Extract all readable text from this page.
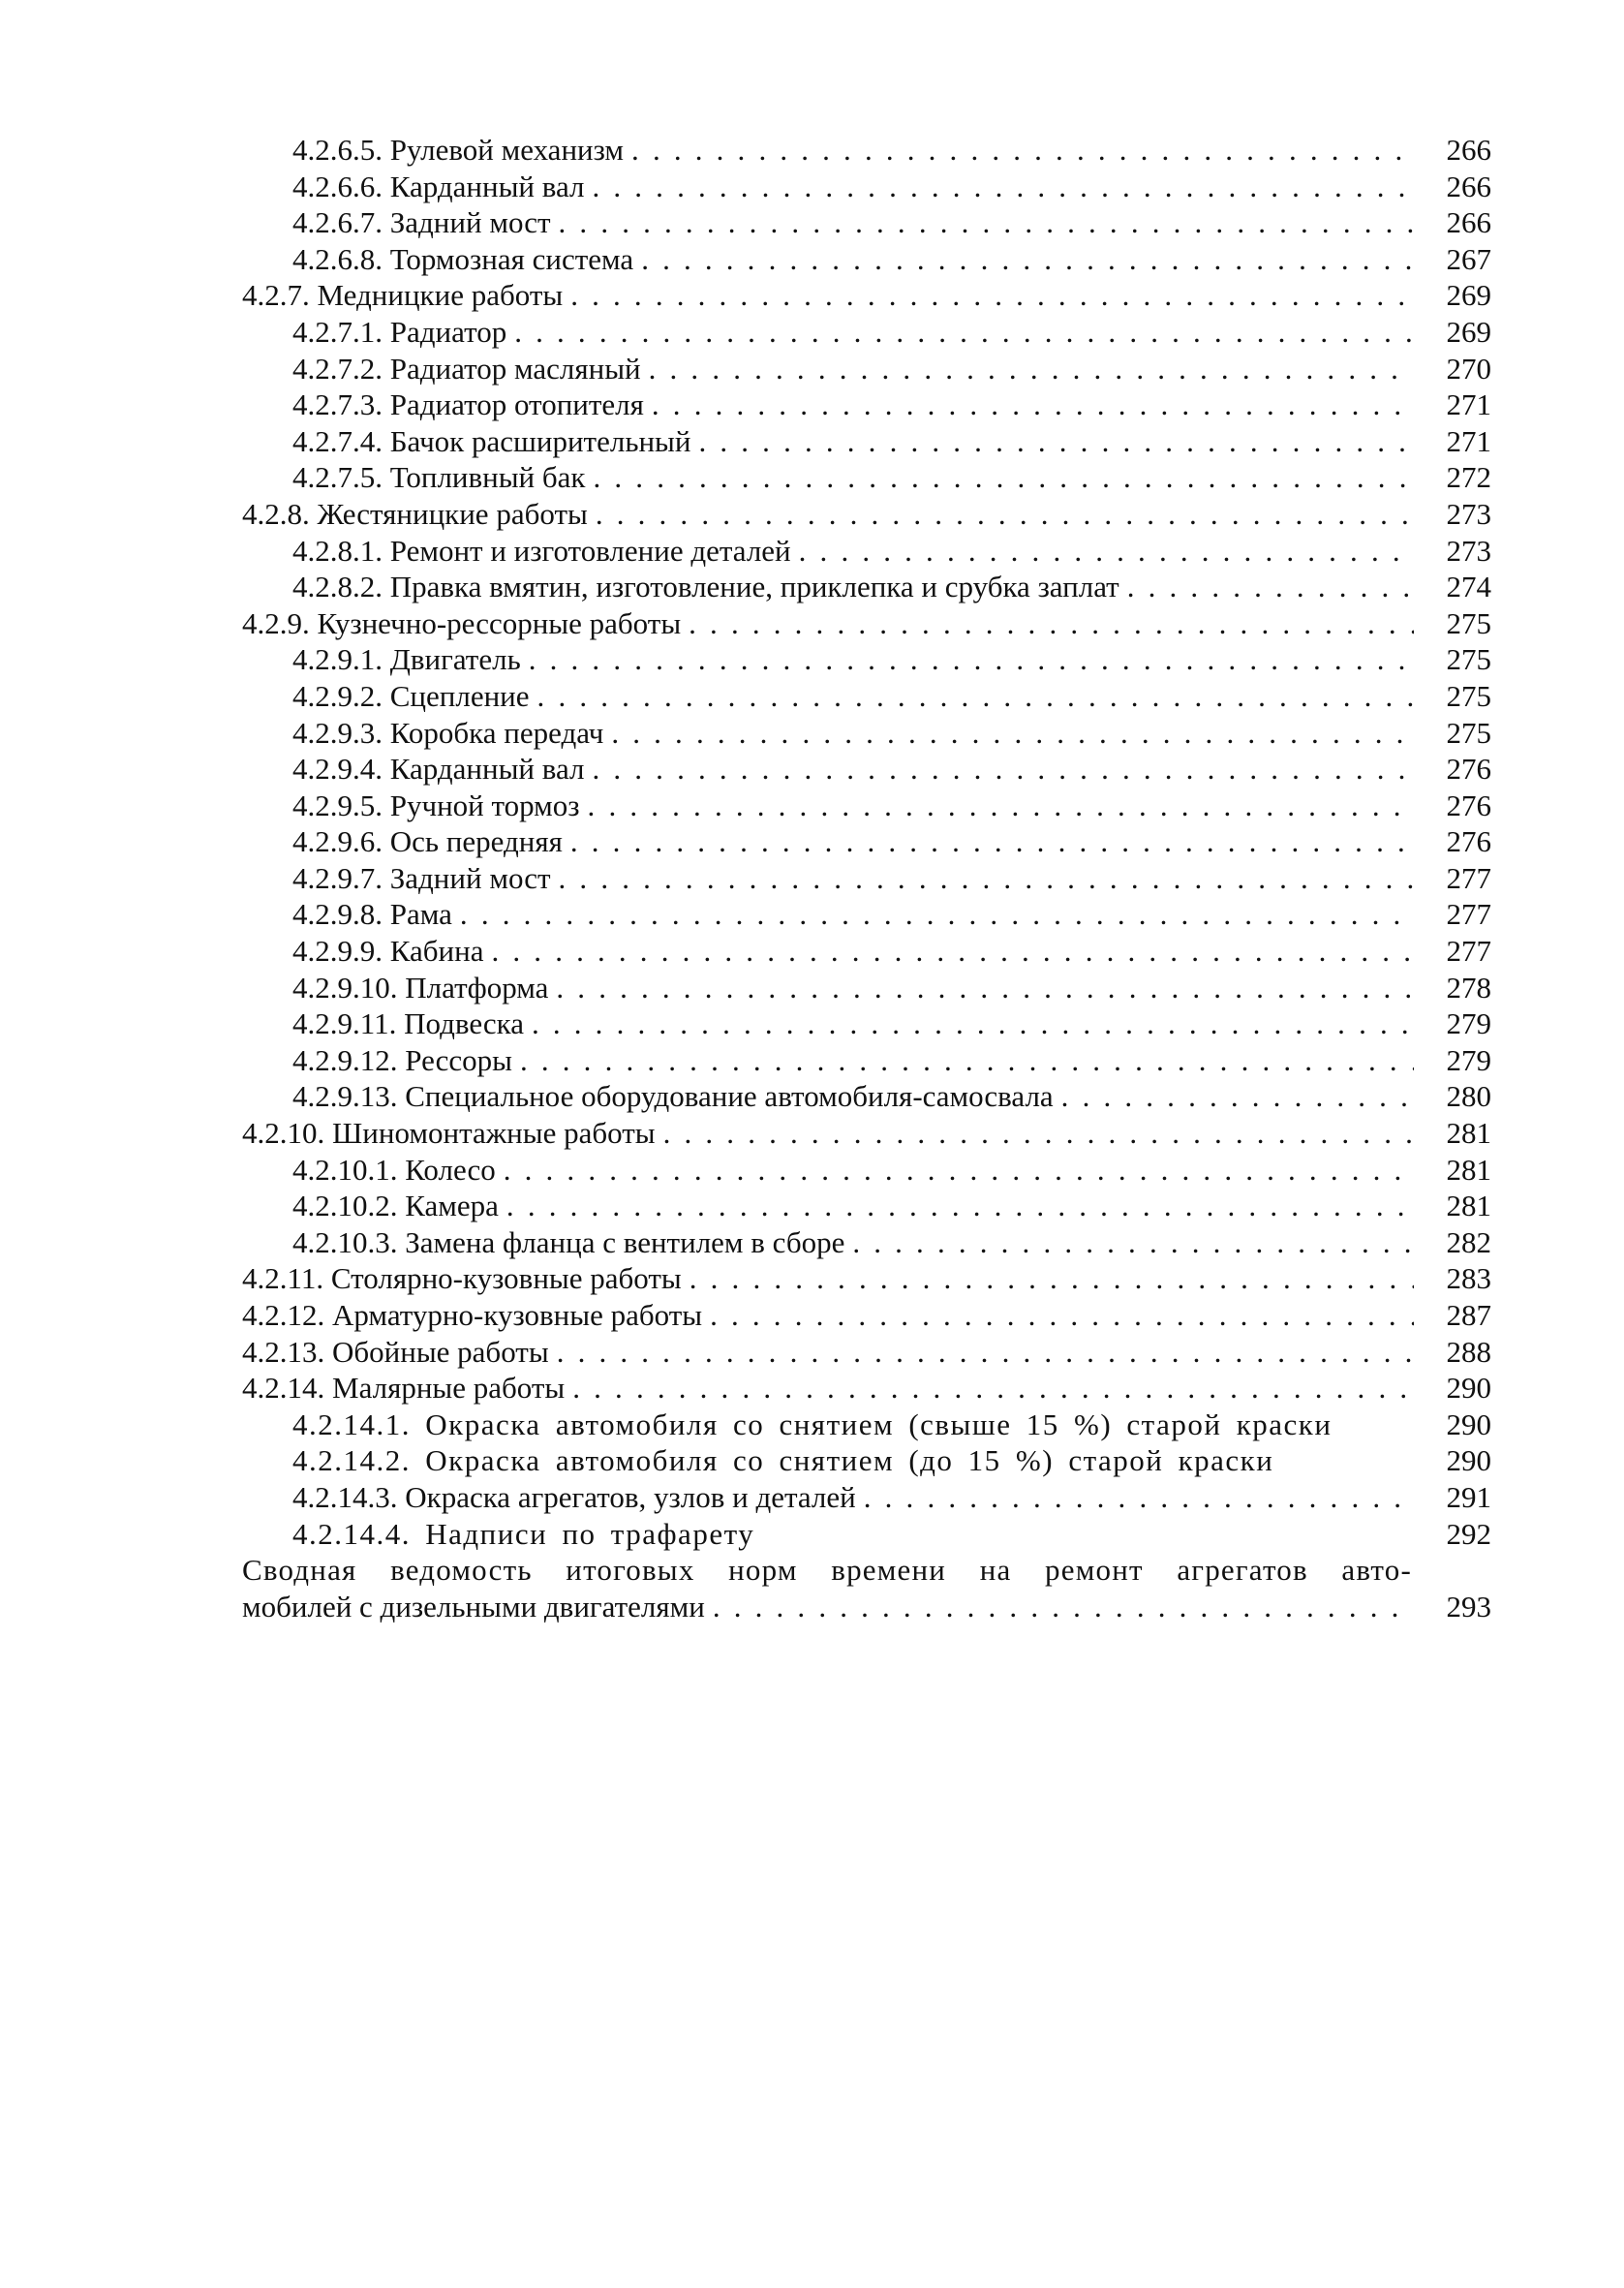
4.2.6.5. Рулевой механизм . . .	266
4.2.6.6. Карданный вал . . .	266
4.2.6.7. Задний мост . . .	266
4.2.6.8. Тормозная система . . .	267
4.2.7. Медницкие работы . . .	269
4.2.7.1. Радиатор . . .	269
4.2.7.2. Радиатор масляный . . .	270
4.2.7.3. Радиатор отопителя . . .	271
4.2.7.4. Бачок расширительный . . .	271
4.2.7.5. Топливный бак . . .	272
4.2.8. Жестяницкие работы . . .	273
4.2.8.1. Ремонт и изготовление деталей . . .	273
4.2.8.2. Правка вмятин, изготовление, приклепка и срубка заплат . . .	274
4.2.9. Кузнечно-рессорные работы . . .	275
4.2.9.1. Двигатель . . .	275
4.2.9.2. Сцепление . . .	275
4.2.9.3. Коробка передач . . .	275
4.2.9.4. Карданный вал . . .	276
4.2.9.5. Ручной тормоз . . .	276
4.2.9.6. Ось передняя . . .	276
4.2.9.7. Задний мост . . .	277
4.2.9.8. Рама . . .	277
4.2.9.9. Кабина . . .	277
4.2.9.10. Платформа . . .	278
4.2.9.11. Подвеска . . .	279
4.2.9.12. Рессоры . . .	279
4.2.9.13. Специальное оборудование автомобиля-самосвала . . .	280
4.2.10. Шиномонтажные работы . . .	281
4.2.10.1. Колесо . . .	281
4.2.10.2. Камера . . .	281
4.2.10.3. Замена фланца с вентилем в сборе . . .	282
4.2.11. Столярно-кузовные работы . . .	283
4.2.12. Арматурно-кузовные работы . . .	287
4.2.13. Обойные работы . . .	288
4.2.14. Малярные работы . . .	290
4.2.14.1. Окраска автомобиля со снятием (свыше 15 %) старой краски	290
4.2.14.2. Окраска автомобиля со снятием (до 15 %) старой краски	290
4.2.14.3. Окраска агрегатов, узлов и деталей . . .	291
4.2.14.4. Надписи по трафарету	292
Сводная ведомость итоговых норм времени на ремонт агрегатов авто-
мобилей с дизельными двигателями . . .	293
